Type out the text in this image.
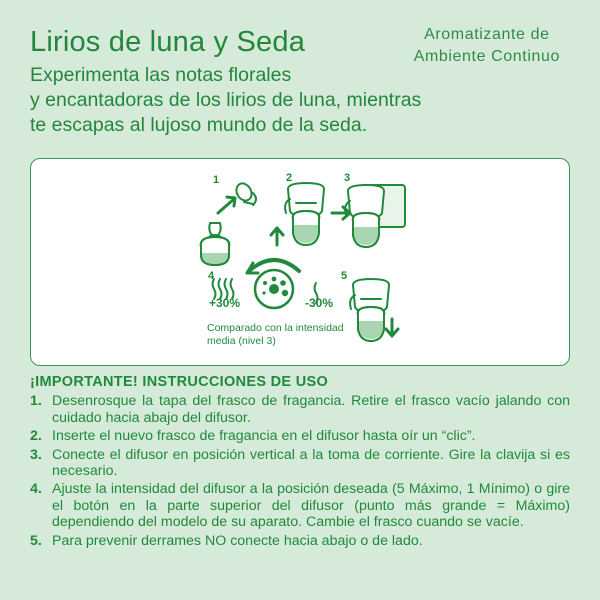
Lirios de luna y Seda
Experimenta las notas florales
y encantadoras de los lirios de luna, mientras
te escapas al lujoso mundo de la seda.
Aromatizante de
Ambiente Continuo
1	2	3
4	5
+30%	-30%
Comparado con la intensidad
media (nivel 3)
¡IMPORTANTE! INSTRUCCIONES DE USO
1. Desenrosque la tapa del frasco de fragancia. Retire el frasco vacío jalando con cuidado hacia abajo del difusor.
2. Inserte el nuevo frasco de fragancia en el difusor hasta oír un “clic”.
3. Conecte el difusor en posición vertical a la toma de corriente. Gire la clavija si es necesario.
4. Ajuste la intensidad del difusor a la posición deseada (5 Máximo, 1 Mínimo) o gire el botón en la parte superior del difusor (punto más grande = Máximo) dependiendo del modelo de su aparato. Cambie el frasco cuando se vacíe.
5. Para prevenir derrames NO conecte hacia abajo o de lado.
